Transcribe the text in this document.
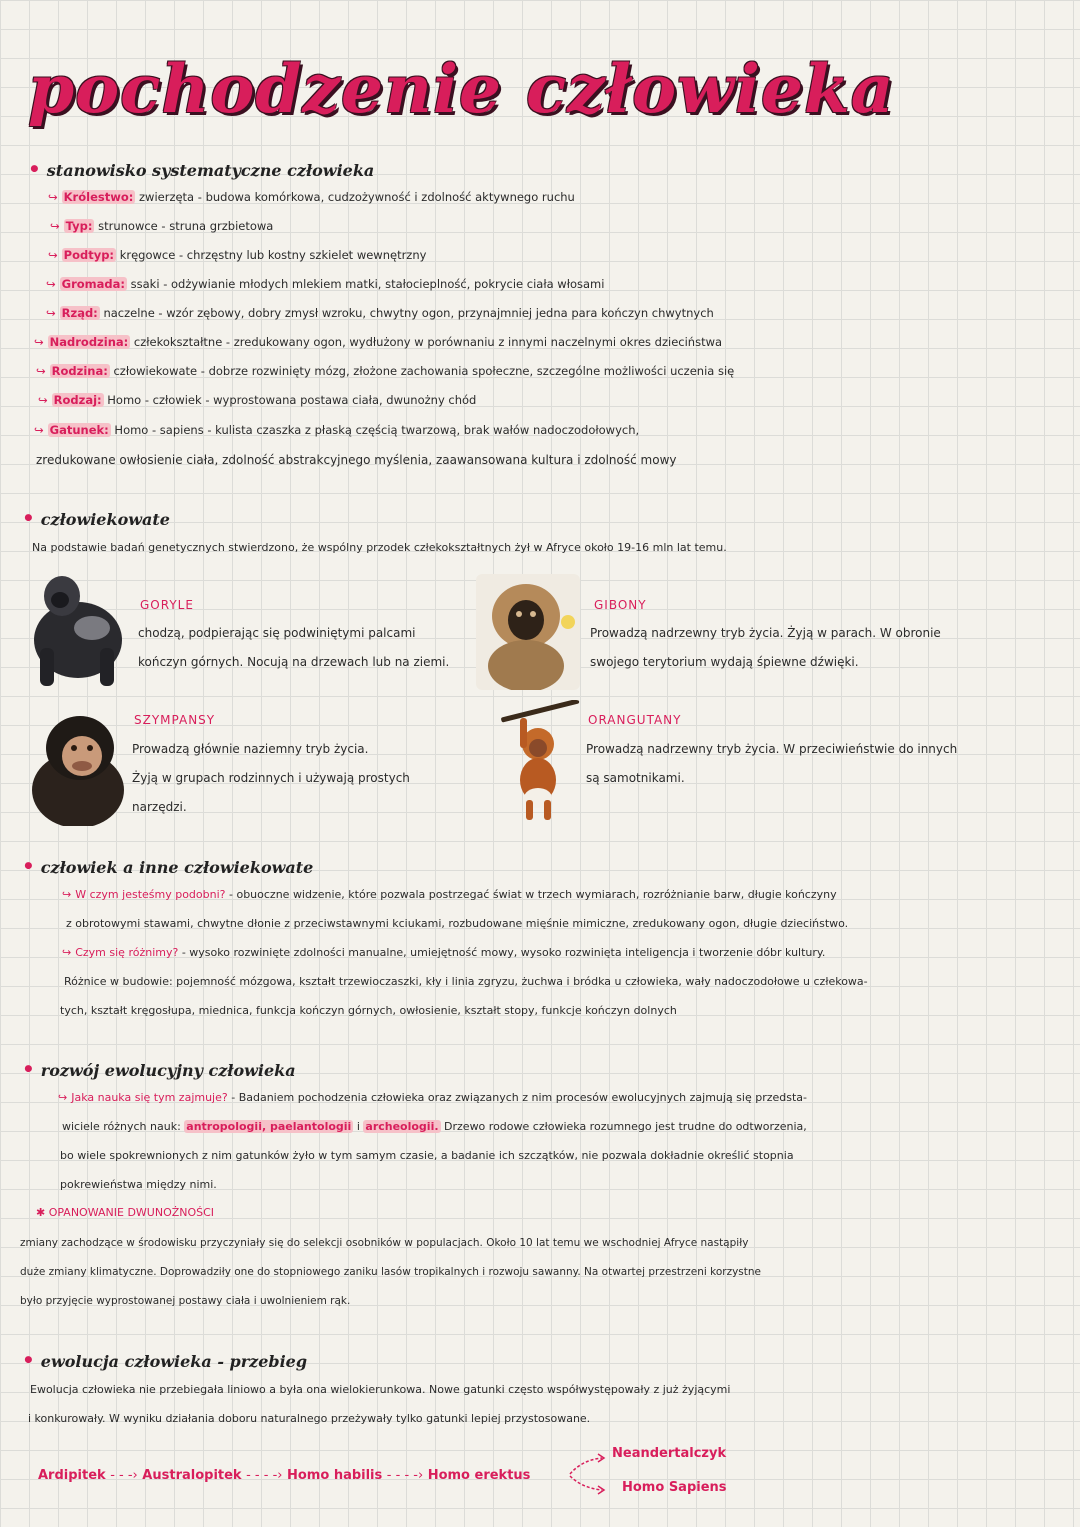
pochodzenie człowieka
• stanowisko systematyczne człowieka
↪ Królestwo: zwierzęta - budowa komórkowa, cudzożywność i zdolność aktywnego ruchu
↪ Typ: strunowce - struna grzbietowa
↪ Podtyp: kręgowce - chrzęstny lub kostny szkielet wewnętrzny
↪ Gromada: ssaki - odżywianie młodych mlekiem matki, stałocieplność, pokrycie ciała włosami
↪ Rząd: naczelne - wzór zębowy, dobry zmysł wzroku, chwytny ogon, przynajmniej jedna para kończyn chwytnych
↪ Nadrodzina: człekokształtne - zredukowany ogon, wydłużony w porównaniu z innymi naczelnymi okres dzieciństwa
↪ Rodzina: człowiekowate - dobrze rozwinięty mózg, złożone zachowania społeczne, szczególne możliwości uczenia się
↪ Rodzaj: Homo - człowiek - wyprostowana postawa ciała, dwunożny chód
↪ Gatunek: Homo - sapiens - kulista czaszka z płaską częścią twarzową, brak wałów nadoczodołowych,
zredukowane owłosienie ciała, zdolność abstrakcyjnego myślenia, zaawansowana kultura i zdolność mowy
• człowiekowate
Na podstawie badań genetycznych stwierdzono, że wspólny przodek człekokształtnych żył w Afryce około 19-16 mln lat temu.
GORYLE
chodzą, podpierając się podwiniętymi palcami
kończyn górnych. Nocują na drzewach lub na ziemi.
GIBONY
Prowadzą nadrzewny tryb życia. Żyją w parach. W obronie
swojego terytorium wydają śpiewne dźwięki.
SZYMPANSY
Prowadzą głównie naziemny tryb życia.
Żyją w grupach rodzinnych i używają prostych
narzędzi.
ORANGUTANY
Prowadzą nadrzewny tryb życia. W przeciwieństwie do innych
są samotnikami.
• człowiek a inne człowiekowate
↪ W czym jesteśmy podobni? - obuoczne widzenie, które pozwala postrzegać świat w trzech wymiarach, rozróżnianie barw, długie kończyny
z obrotowymi stawami, chwytne dłonie z przeciwstawnymi kciukami, rozbudowane mięśnie mimiczne, zredukowany ogon, długie dzieciństwo.
↪ Czym się różnimy? - wysoko rozwinięte zdolności manualne, umiejętność mowy, wysoko rozwinięta inteligencja i tworzenie dóbr kultury.
Różnice w budowie: pojemność mózgowa, kształt trzewioczaszki, kły i linia zgryzu, żuchwa i bródka u człowieka, wały nadoczodołowe u człekowa-
tych, kształt kręgosłupa, miednica, funkcja kończyn górnych, owłosienie, kształt stopy, funkcje kończyn dolnych
• rozwój ewolucyjny człowieka
↪ Jaka nauka się tym zajmuje? - Badaniem pochodzenia człowieka oraz związanych z nim procesów ewolucyjnych zajmują się przedsta-
wiciele różnych nauk: antropologii, paelantologii i archeologii. Drzewo rodowe człowieka rozumnego jest trudne do odtworzenia,
bo wiele spokrewnionych z nim gatunków żyło w tym samym czasie, a badanie ich szczątków, nie pozwala dokładnie określić stopnia
pokrewieństwa między nimi.
✱ OPANOWANIE DWUNOŻNOŚCI
zmiany zachodzące w środowisku przyczyniały się do selekcji osobników w populacjach. Około 10 lat temu we wschodniej Afryce nastąpiły
duże zmiany klimatyczne. Doprowadziły one do stopniowego zaniku lasów tropikalnych i rozwoju sawanny. Na otwartej przestrzeni korzystne
było przyjęcie wyprostowanej postawy ciała i uwolnieniem rąk.
• ewolucja człowieka - przebieg
Ewolucja człowieka nie przebiegała liniowo a była ona wielokierunkowa. Nowe gatunki często współwystępowały z już żyjącymi
i konkurowały. W wyniku działania doboru naturalnego przeżywały tylko gatunki lepiej przystosowane.
Ardipitek - - -› Australopitek - - - -› Homo habilis - - - -› Homo erektus
Neandertalczyk
Homo Sapiens
